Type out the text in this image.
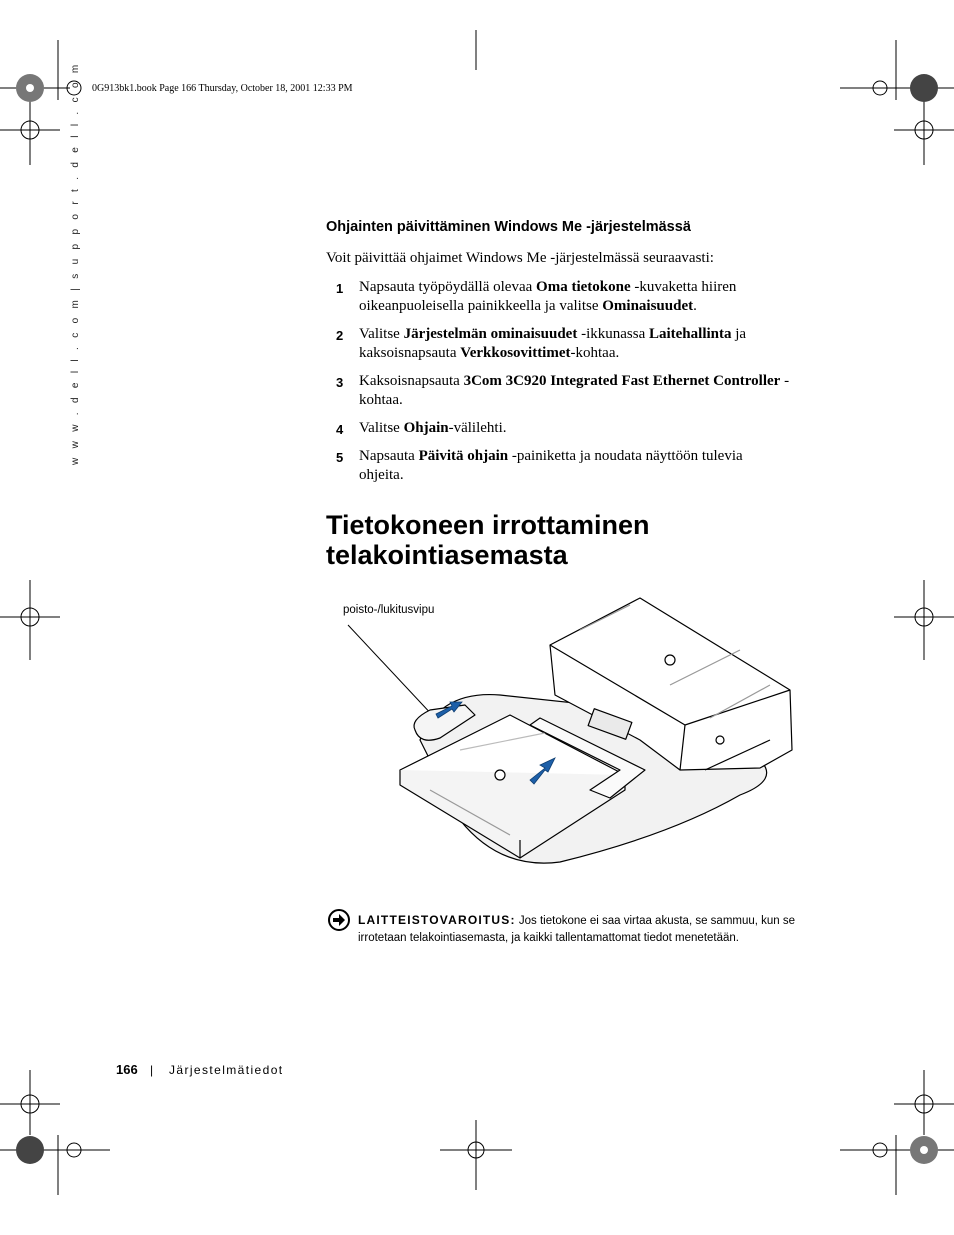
0G913bk1.book Page 166 Thursday, October 18, 2001 12:33 PM
w w w . d e l l . c o m | s u p p o r t . d e l l . c o m	Ohjainten päivittäminen Windows Me -järjestelmässä
Voit päivittää ohjaimet Windows Me -järjestelmässä seuraavasti:
1 Napsauta työpöydällä olevaa Oma tietokone -kuvaketta hiiren oikeanpuoleisella painikkeella ja valitse Ominaisuudet.
2 Valitse Järjestelmän ominaisuudet -ikkunassa Laitehallinta ja kaksoisnapsauta Verkkosovittimet-kohtaa.
3 Kaksoisnapsauta 3Com 3C920 Integrated Fast Ethernet Controller -kohtaa.
4 Valitse Ohjain-välilehti.
5 Napsauta Päivitä ohjain -painiketta ja noudata näyttöön tulevia ohjeita.
Tietokoneen irrottaminen telakointiasemasta
poisto-/lukitusvipu
LAITTEISTOVAROITUS: Jos tietokone ei saa virtaa akusta, se sammuu, kun se irrotetaan telakointiasemasta, ja kaikki tallentamattomat tiedot menetetään.
166 | Järjestelmätiedot
